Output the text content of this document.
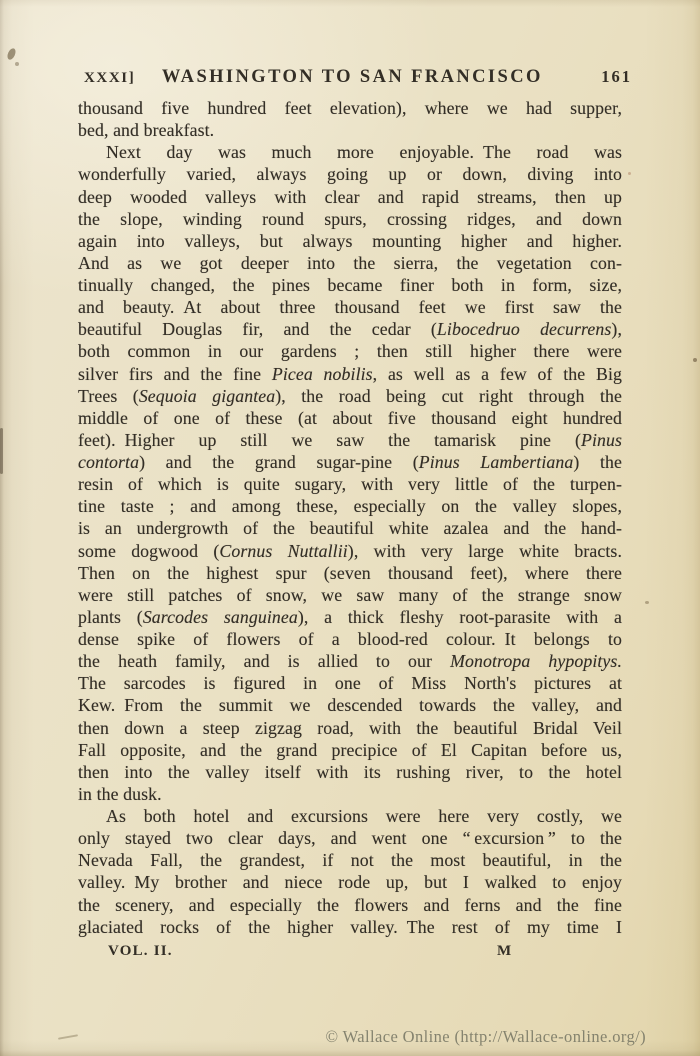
XXXI]	WASHINGTON TO SAN FRANCISCO	161
thousand five hundred feet elevation), where we had supper,
bed, and breakfast.
Next day was much more enjoyable. The road was
wonderfully varied, always going up or down, diving into
deep wooded valleys with clear and rapid streams, then up
the slope, winding round spurs, crossing ridges, and down
again into valleys, but always mounting higher and higher.
And as we got deeper into the sierra, the vegetation con-
tinually changed, the pines became finer both in form, size,
and beauty. At about three thousand feet we first saw the
beautiful Douglas fir, and the cedar (Libocedruo decurrens),
both common in our gardens ; then still higher there were
silver firs and the fine Picea nobilis, as well as a few of the Big
Trees (Sequoia gigantea), the road being cut right through the
middle of one of these (at about five thousand eight hundred
feet). Higher up still we saw the tamarisk pine (Pinus
contorta) and the grand sugar-pine (Pinus Lambertiana) the
resin of which is quite sugary, with very little of the turpen-
tine taste ; and among these, especially on the valley slopes,
is an undergrowth of the beautiful white azalea and the hand-
some dogwood (Cornus Nuttallii), with very large white bracts.
Then on the highest spur (seven thousand feet), where there
were still patches of snow, we saw many of the strange snow
plants (Sarcodes sanguinea), a thick fleshy root-parasite with a
dense spike of flowers of a blood-red colour. It belongs to
the heath family, and is allied to our Monotropa hypopitys.
The sarcodes is figured in one of Miss North's pictures at
Kew. From the summit we descended towards the valley, and
then down a steep zigzag road, with the beautiful Bridal Veil
Fall opposite, and the grand precipice of El Capitan before us,
then into the valley itself with its rushing river, to the hotel
in the dusk.
As both hotel and excursions were here very costly, we
only stayed two clear days, and went one “ excursion ” to the
Nevada Fall, the grandest, if not the most beautiful, in the
valley. My brother and niece rode up, but I walked to enjoy
the scenery, and especially the flowers and ferns and the fine
glaciated rocks of the higher valley. The rest of my time I
VOL. II.	M
© Wallace Online (http://Wallace-online.org/)
